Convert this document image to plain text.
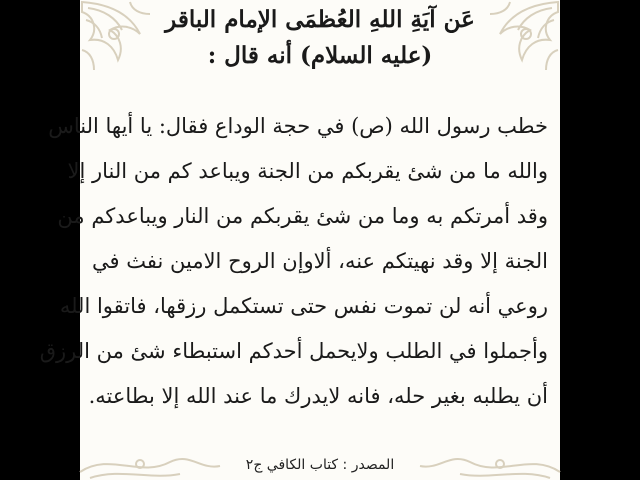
عَن آيَةِ اللهِ العُظمَى الإمام الباقر
(عليه السلام) أنه قال :
خطب رسول الله (ص) في حجة الوداع فقال: يا أيها الناس
والله ما من شئ يقربكم من الجنة ويباعد كم من النار إلا
وقد أمرتكم به وما من شئ يقربكم من النار ويباعدكم من
الجنة إلا وقد نهيتكم عنه، ألاوإن الروح الامين نفث في
روعي أنه لن تموت نفس حتى تستكمل رزقها، فاتقوا الله
وأجملوا في الطلب ولايحمل أحدكم استبطاء شئ من الرزق
أن يطلبه بغير حله، فانه لايدرك ما عند الله إلا بطاعته.
المصدر : كتاب الكافي ج٢
